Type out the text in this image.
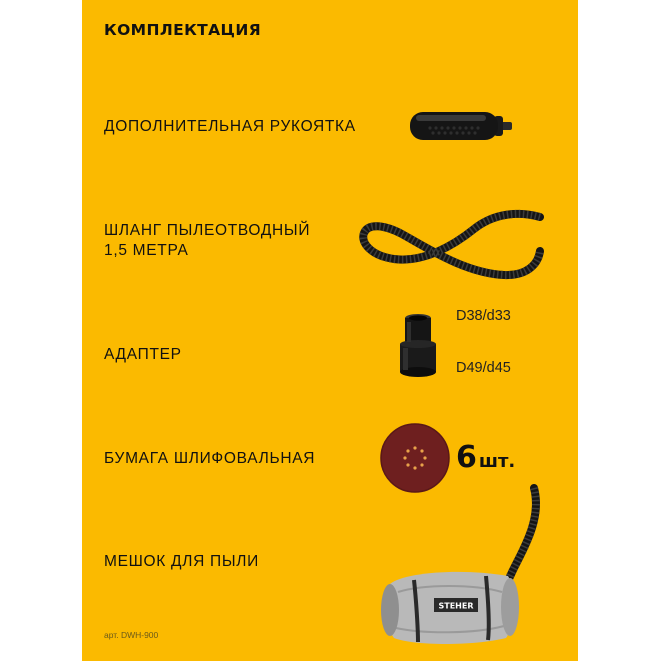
КОМПЛЕКТАЦИЯ
ДОПОЛНИТЕЛЬНАЯ РУКОЯТКА
ШЛАНГ ПЫЛЕОТВОДНЫЙ
1,5 МЕТРА
АДАПТЕР
D38/d33
D49/d45
БУМАГА ШЛИФОВАЛЬНАЯ	6 шт.
МЕШОК ДЛЯ ПЫЛИ
STEHER
арт. DWH-900
